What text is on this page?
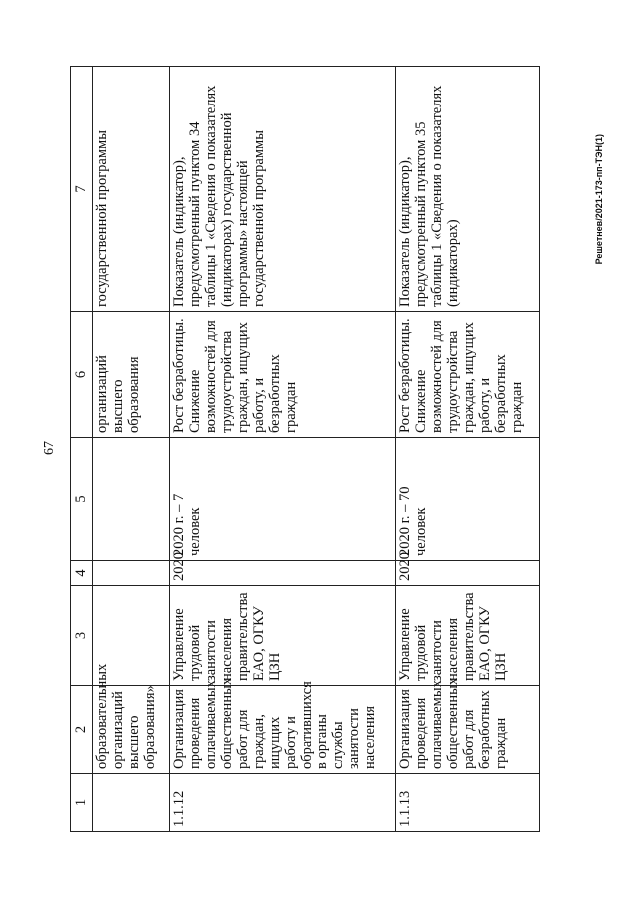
67
Решетнев/2021-173-пп-ТЭН(1)
1	2	3	4	5	6	7
	образовательных организаций высшего образования»				организаций высшего образования	государственной программы
1.1.12	Организация проведения оплачиваемых общественных работ для граждан, ищущих работу и обратившихся в органы службы занятости населения	Управление трудовой занятости населения правительства ЕАО, ОГКУ ЦЗН	2020	2020 г. – 7 человек	Рост безработицы. Снижение возможностей для трудоустройства граждан, ищущих работу, и безработных граждан	Показатель (индикатор), предусмотренный пунктом 34 таблицы 1 «Сведения о показателях (индикаторах) государственной программы» настоящей государственной программы
1.1.13	Организация проведения оплачиваемых общественных работ для безработных граждан	Управление трудовой занятости населения правительства ЕАО, ОГКУ ЦЗН	2020	2020 г. – 70 человек	Рост безработицы. Снижение возможностей для трудоустройства граждан, ищущих работу, и безработных граждан	Показатель (индикатор), предусмотренный пунктом 35 таблицы 1 «Сведения о показателях (индикаторах)
